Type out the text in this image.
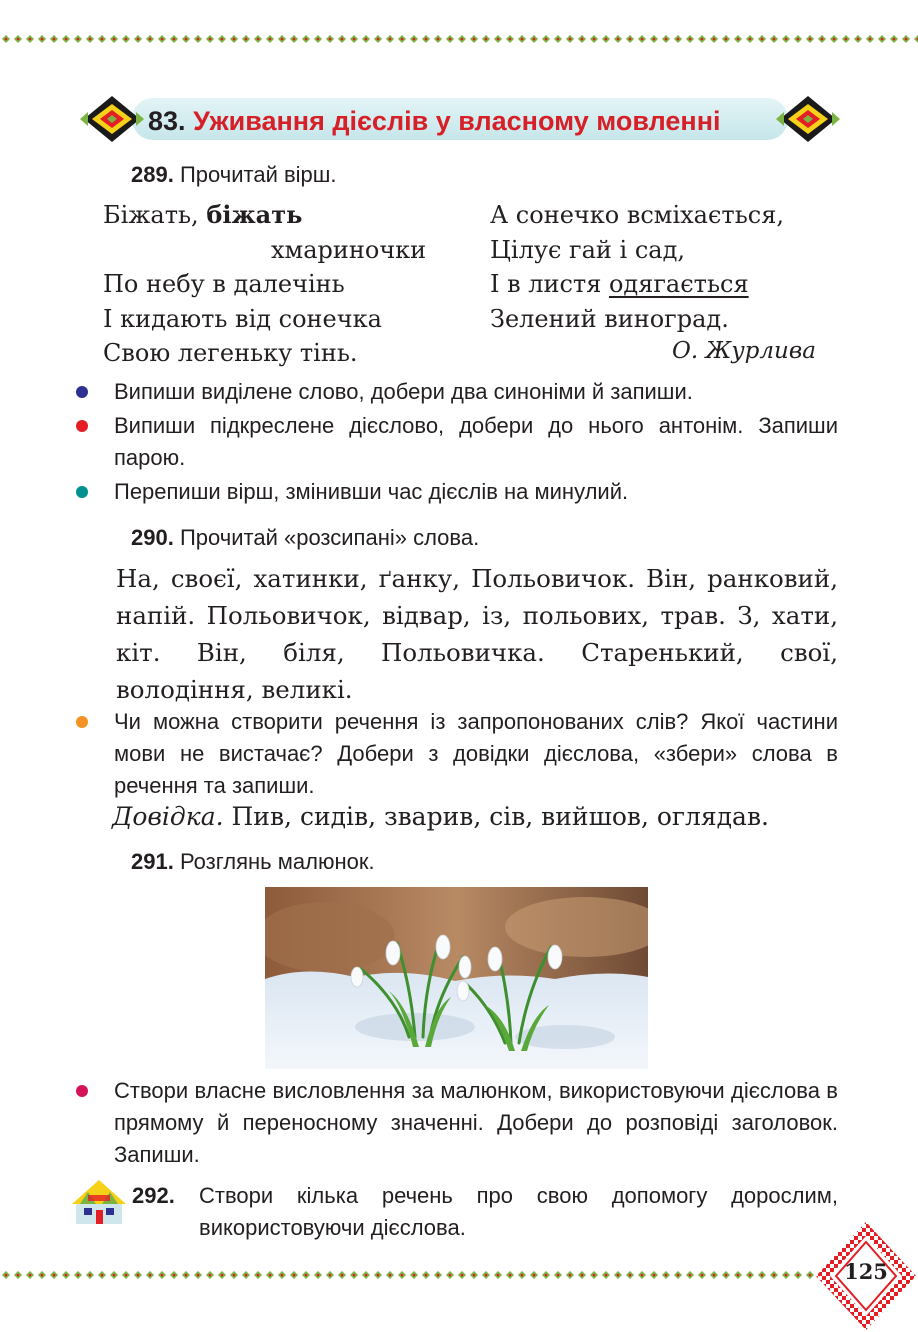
83. Уживання дієслів у власному мовленні
289. Прочитай вірш.
Біжать, біжать
хмариночки
По небу в далечінь
І кидають від сонечка
Свою легеньку тінь.
А сонечко всміхається,
Цілує гай і сад,
І в листя одягається
Зелений виноград.
О. Журлива
Випиши виділене слово, добери два синоніми й запиши.
Випиши підкреслене дієслово, добери до нього антонім. Запиши парою.
Перепиши вірш, змінивши час дієслів на минулий.
290. Прочитай «розсипані» слова.
На, своєї, хатинки, ґанку, Польовичок. Він, ранковий, напій. Польовичок, відвар, із, польових, трав. З, хати, кіт. Він, біля, Польовичка. Старенький, свої, володіння, великі.
Чи можна створити речення із запропонованих слів? Якої частини мови не вистачає? Добери з довідки дієслова, «збери» слова в речення та запиши.
Довідка. Пив, сидів, зварив, сів, вийшов, оглядав.
291. Розглянь малюнок.
Створи власне висловлення за малюнком, використовуючи дієслова в прямому й переносному значенні. Добери до розповіді заголовок. Запиши.
292. Створи кілька речень про свою допомогу дорослим, використовуючи дієслова.
125
